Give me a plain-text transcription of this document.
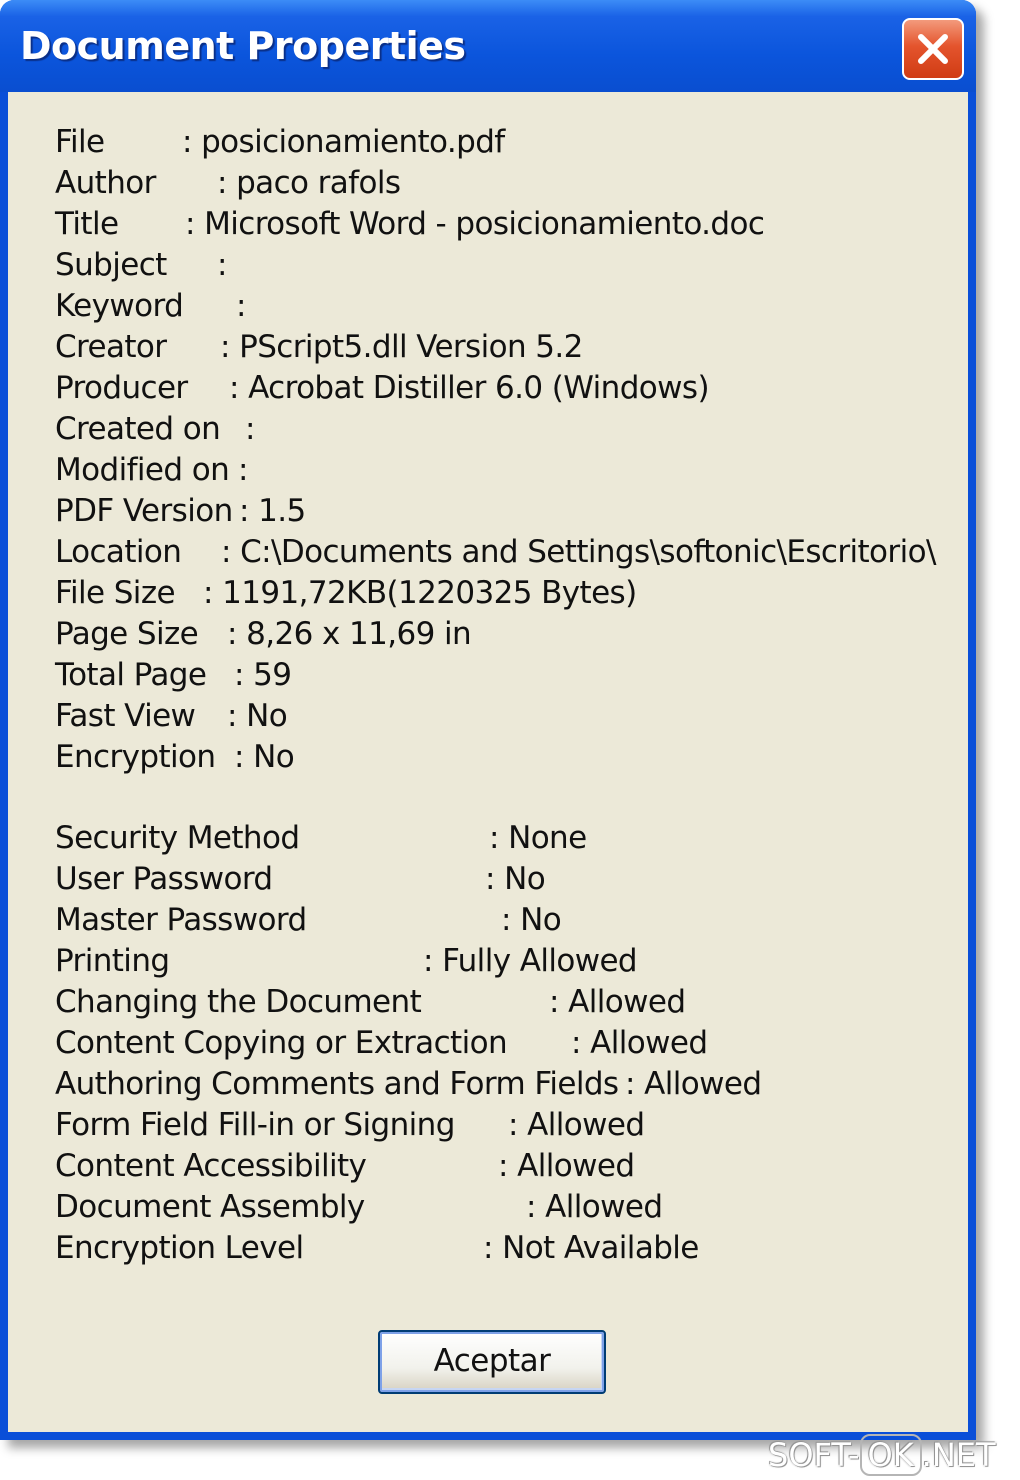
Document Properties
File	: posicionamiento.pdf
Author : paco rafols
Title : Microsoft Word - posicionamiento.doc
Subject :
Keyword :
Creator : PScript5.dll Version 5.2
Producer : Acrobat Distiller 6.0 (Windows)
Created on :
Modified on :
PDF Version : 1.5
Location : C:\Documents and Settings\softonic\Escritorio\
File Size : 1191,72KB(1220325 Bytes)
Page Size : 8,26 x 11,69 in
Total Page : 59
Fast View : No
Encryption : No
Security Method	: None
User Password	: No
Master Password	: No
Printing	: Fully Allowed
Changing the Document	: Allowed
Content Copying or Extraction : Allowed
Authoring Comments and Form Fields : Allowed
Form Field Fill-in or Signing : Allowed
Content Accessibility	: Allowed
Document Assembly	: Allowed
Encryption Level	: Not Available
Aceptar
SOFT- OK .NET
